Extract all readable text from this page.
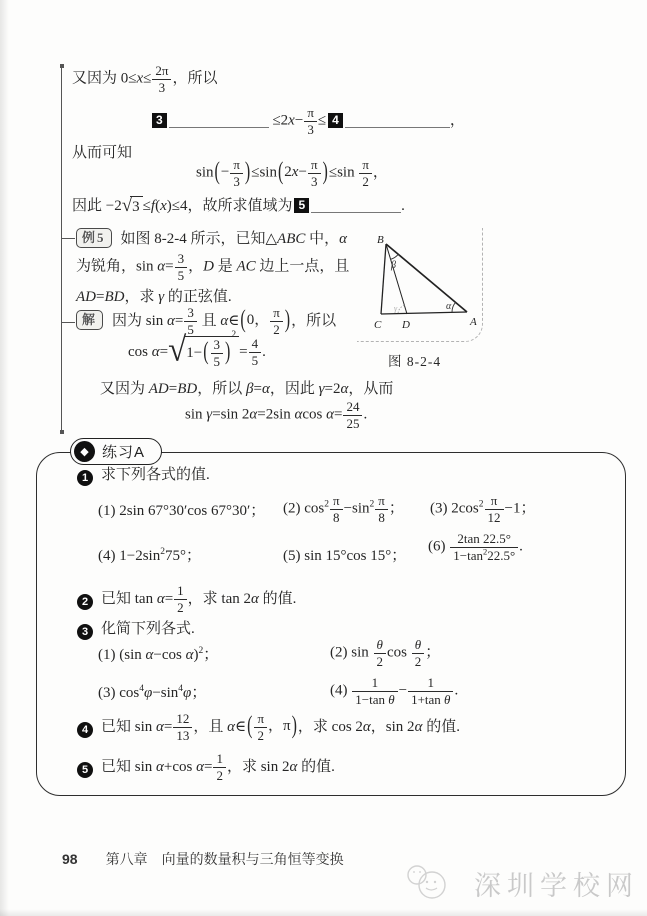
又因为 $0\le x\le \frac{2\pi}{3}$ ，所以
3	$\le 2x- \frac{\pi}{3} \le 4$	，
从而可知
sin ( − $\frac{\pi}{3}$ ) ≤sin ( 2 $x - \frac{\pi}{3}$ ) $\le\sin \frac{\pi}{2}$ ，
因此 −2 √ 3 ≤f(x)≤4，故所求值域为 5	.
例5 如图 8-2-4 所示，已知△ABC 中，α
为锐角，$\sin \alpha= \frac{3}{5}$ ，D 是 AC 边上一点，且
AD=BD，求 γ 的正弦值.
解 因为 $\sin \alpha= \frac{3}{5}$ 且 α∈ ( 0， π
2 ) ，所以
cos α= √ 1− ( 3
5 )
2
= $\frac{4}{5}$ .
又因为 AD=BD，所以 β=α，因此 γ=2α，从而
sin γ=sin 2α=2sin αcos $\alpha= \frac{24}{25}$ .
B
C D	A
β
α
γ
图 8-2-4
◆ 练习A
1 求下列各式的值.
(1) 2sin 67°30′cos 67°30′； (2) $\cos^2 \frac{\pi}{8} -\sin^2 \frac{\pi}{8}$ ； (3) $2\cos^2 \frac{\pi}{12} -1$；
(4) $1-2\sin^275^\circ$；	(5) sin 15°cos 15°；
$(6) \frac{2\tan 22.5^\circ}{1-\tan^222.5^\circ}$ .
2 已知 $\tan \alpha= \frac{1}{2}$ ，求 tan 2α 的值.
3 化简下列各式.
(1) (sin α−cos α)$^2$；	(2) $\sin \frac{\theta}{2}$ $\cos \frac{\theta}{2}$ ；
(3) $\cos^4\varphi-\sin^4\varphi$；	$(4) \frac{1}{\text{1−tan θ}} - \frac{1}{\text{1+tan θ}}$ .
4 已知 $\sin \alpha= \frac{12}{13}$ ，且 α∈ ( π
2
，π ) ，求 cos 2α，sin 2α 的值.
5 已知 sin α+cos $\alpha= \frac{1}{2}$ ，求 sin 2α 的值.
98 第八章 向量的数量积与三角恒等变换
深圳学校网
